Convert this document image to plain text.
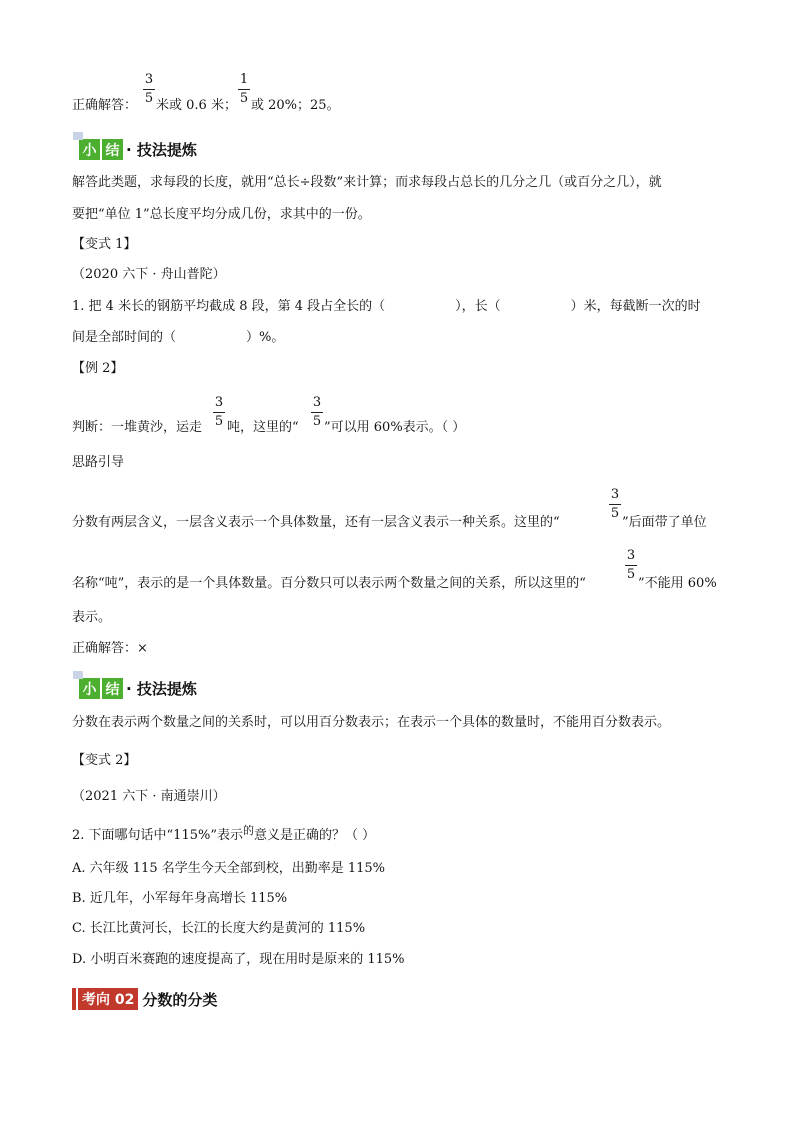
3
5
1
5
正确解答： 米或 0.6 米； 或 20%；25。
小 结 · 技法提炼
解答此类题，求每段的长度，就用“总长÷段数”来计算；而求每段占总长的几分之几（或百分之几），就
要把“单位 1”总长度平均分成几份，求其中的一份。
【变式 1】
（2020 六下 · 舟山普陀）
1. 把 4 米长的钢筋平均截成 8 段，第 4 段占全长的（	），长（	）米，每截断一次的时
间是全部时间的（	）%。
【例 2】
3
5
3
5
判断：一堆黄沙，运走 吨，这里的“ ”可以用 60%表示。（ ）
思路引导
3
5
分数有两层含义，一层含义表示一个具体数量，还有一层含义表示一种关系。这里的“	”后面带了单位
3
5
名称“吨”，表示的是一个具体数量。百分数只可以表示两个数量之间的关系，所以这里的“	”不能用 60%
表示。
正确解答：×
小 结 · 技法提炼
分数在表示两个数量之间的关系时，可以用百分数表示；在表示一个具体的数量时，不能用百分数表示。
【变式 2】
（2021 六下 · 南通崇川）
2. 下面哪句话中“115%”表示$^的$意义是正确的？（ ）
A. 六年级 115 名学生今天全部到校，出勤率是 115%
B. 近几年，小军每年身高增长 115%
C. 长江比黄河长，长江的长度大约是黄河的 115%
D. 小明百米赛跑的速度提高了，现在用时是原来的 115%
考向 02 分数的分类
